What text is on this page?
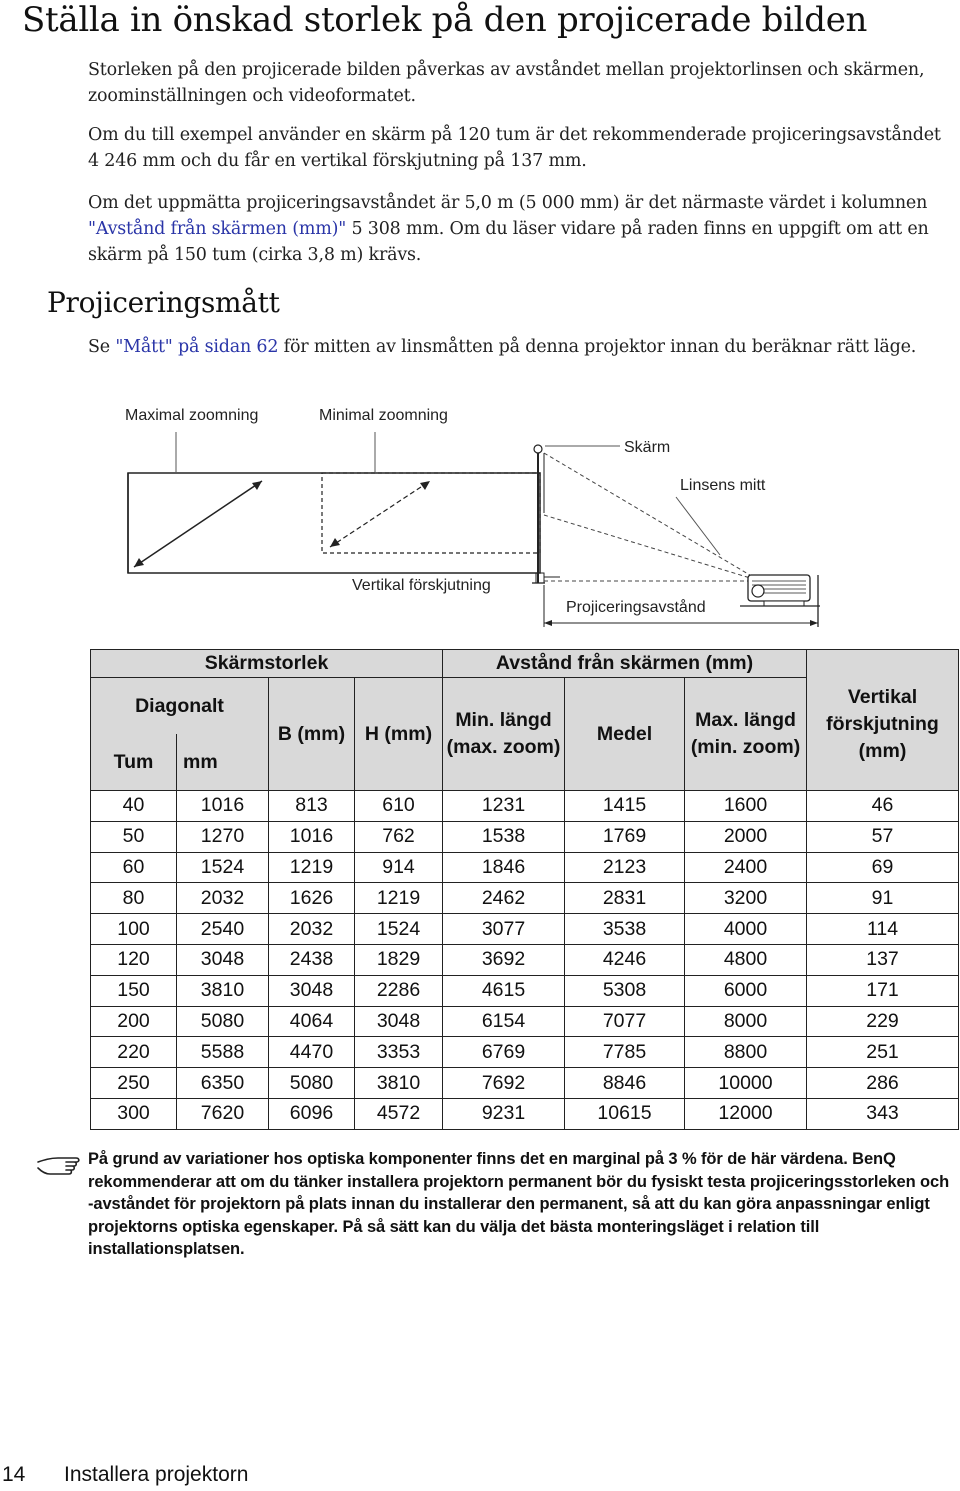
Ställa in önskad storlek på den projicerade bilden

Storleken på den projicerade bilden påverkas av avståndet mellan projektorlinsen och skärmen, zoominställningen och videoformatet.

Om du till exempel använder en skärm på 120 tum är det rekommenderade projiceringsavståndet 4 246 mm och du får en vertikal förskjutning på 137 mm.

Om det uppmätta projiceringsavståndet är 5,0 m (5 000 mm) är det närmaste värdet i kolumnen "Avstånd från skärmen (mm)" 5 308 mm. Om du läser vidare på raden finns en uppgift om att en skärm på 150 tum (cirka 3,8 m) krävs.

Projiceringsmått

Se "Mått" på sidan 62 för mitten av linsmåtten på denna projektor innan du beräknar rätt läge.

Maximal zoomning	Minimal zoomning
Skärm
Linsens mitt
Vertikal förskjutning
Projiceringsavstånd
Skärmstorlek				Avstånd från skärmen (mm)			Vertikal förskjutning (mm)
Diagonalt		B (mm)	H (mm)	Min. längd (max. zoom)	Medel	Max. längd (min. zoom)	
Tum	mm						
40	1016	813	610	1231	1415	1600	46
50	1270	1016	762	1538	1769	2000	57
60	1524	1219	914	1846	2123	2400	69
80	2032	1626	1219	2462	2831	3200	91
100	2540	2032	1524	3077	3538	4000	114
120	3048	2438	1829	3692	4246	4800	137
150	3810	3048	2286	4615	5308	6000	171
200	5080	4064	3048	6154	7077	8000	229
220	5588	4470	3353	6769	7785	8800	251
250	6350	5080	3810	7692	8846	10000	286
300	7620	6096	4572	9231	10615	12000	343

På grund av variationer hos optiska komponenter finns det en marginal på 3 % för de här värdena. BenQ rekommenderar att om du tänker installera projektorn permanent bör du fysiskt testa projiceringsstorleken och -avståndet för projektorn på plats innan du installerar den permanent, så att du kan göra anpassningar enligt projektorns optiska egenskaper. På så sätt kan du välja det bästa monteringsläget i relation till installationsplatsen.

14 Installera projektorn
